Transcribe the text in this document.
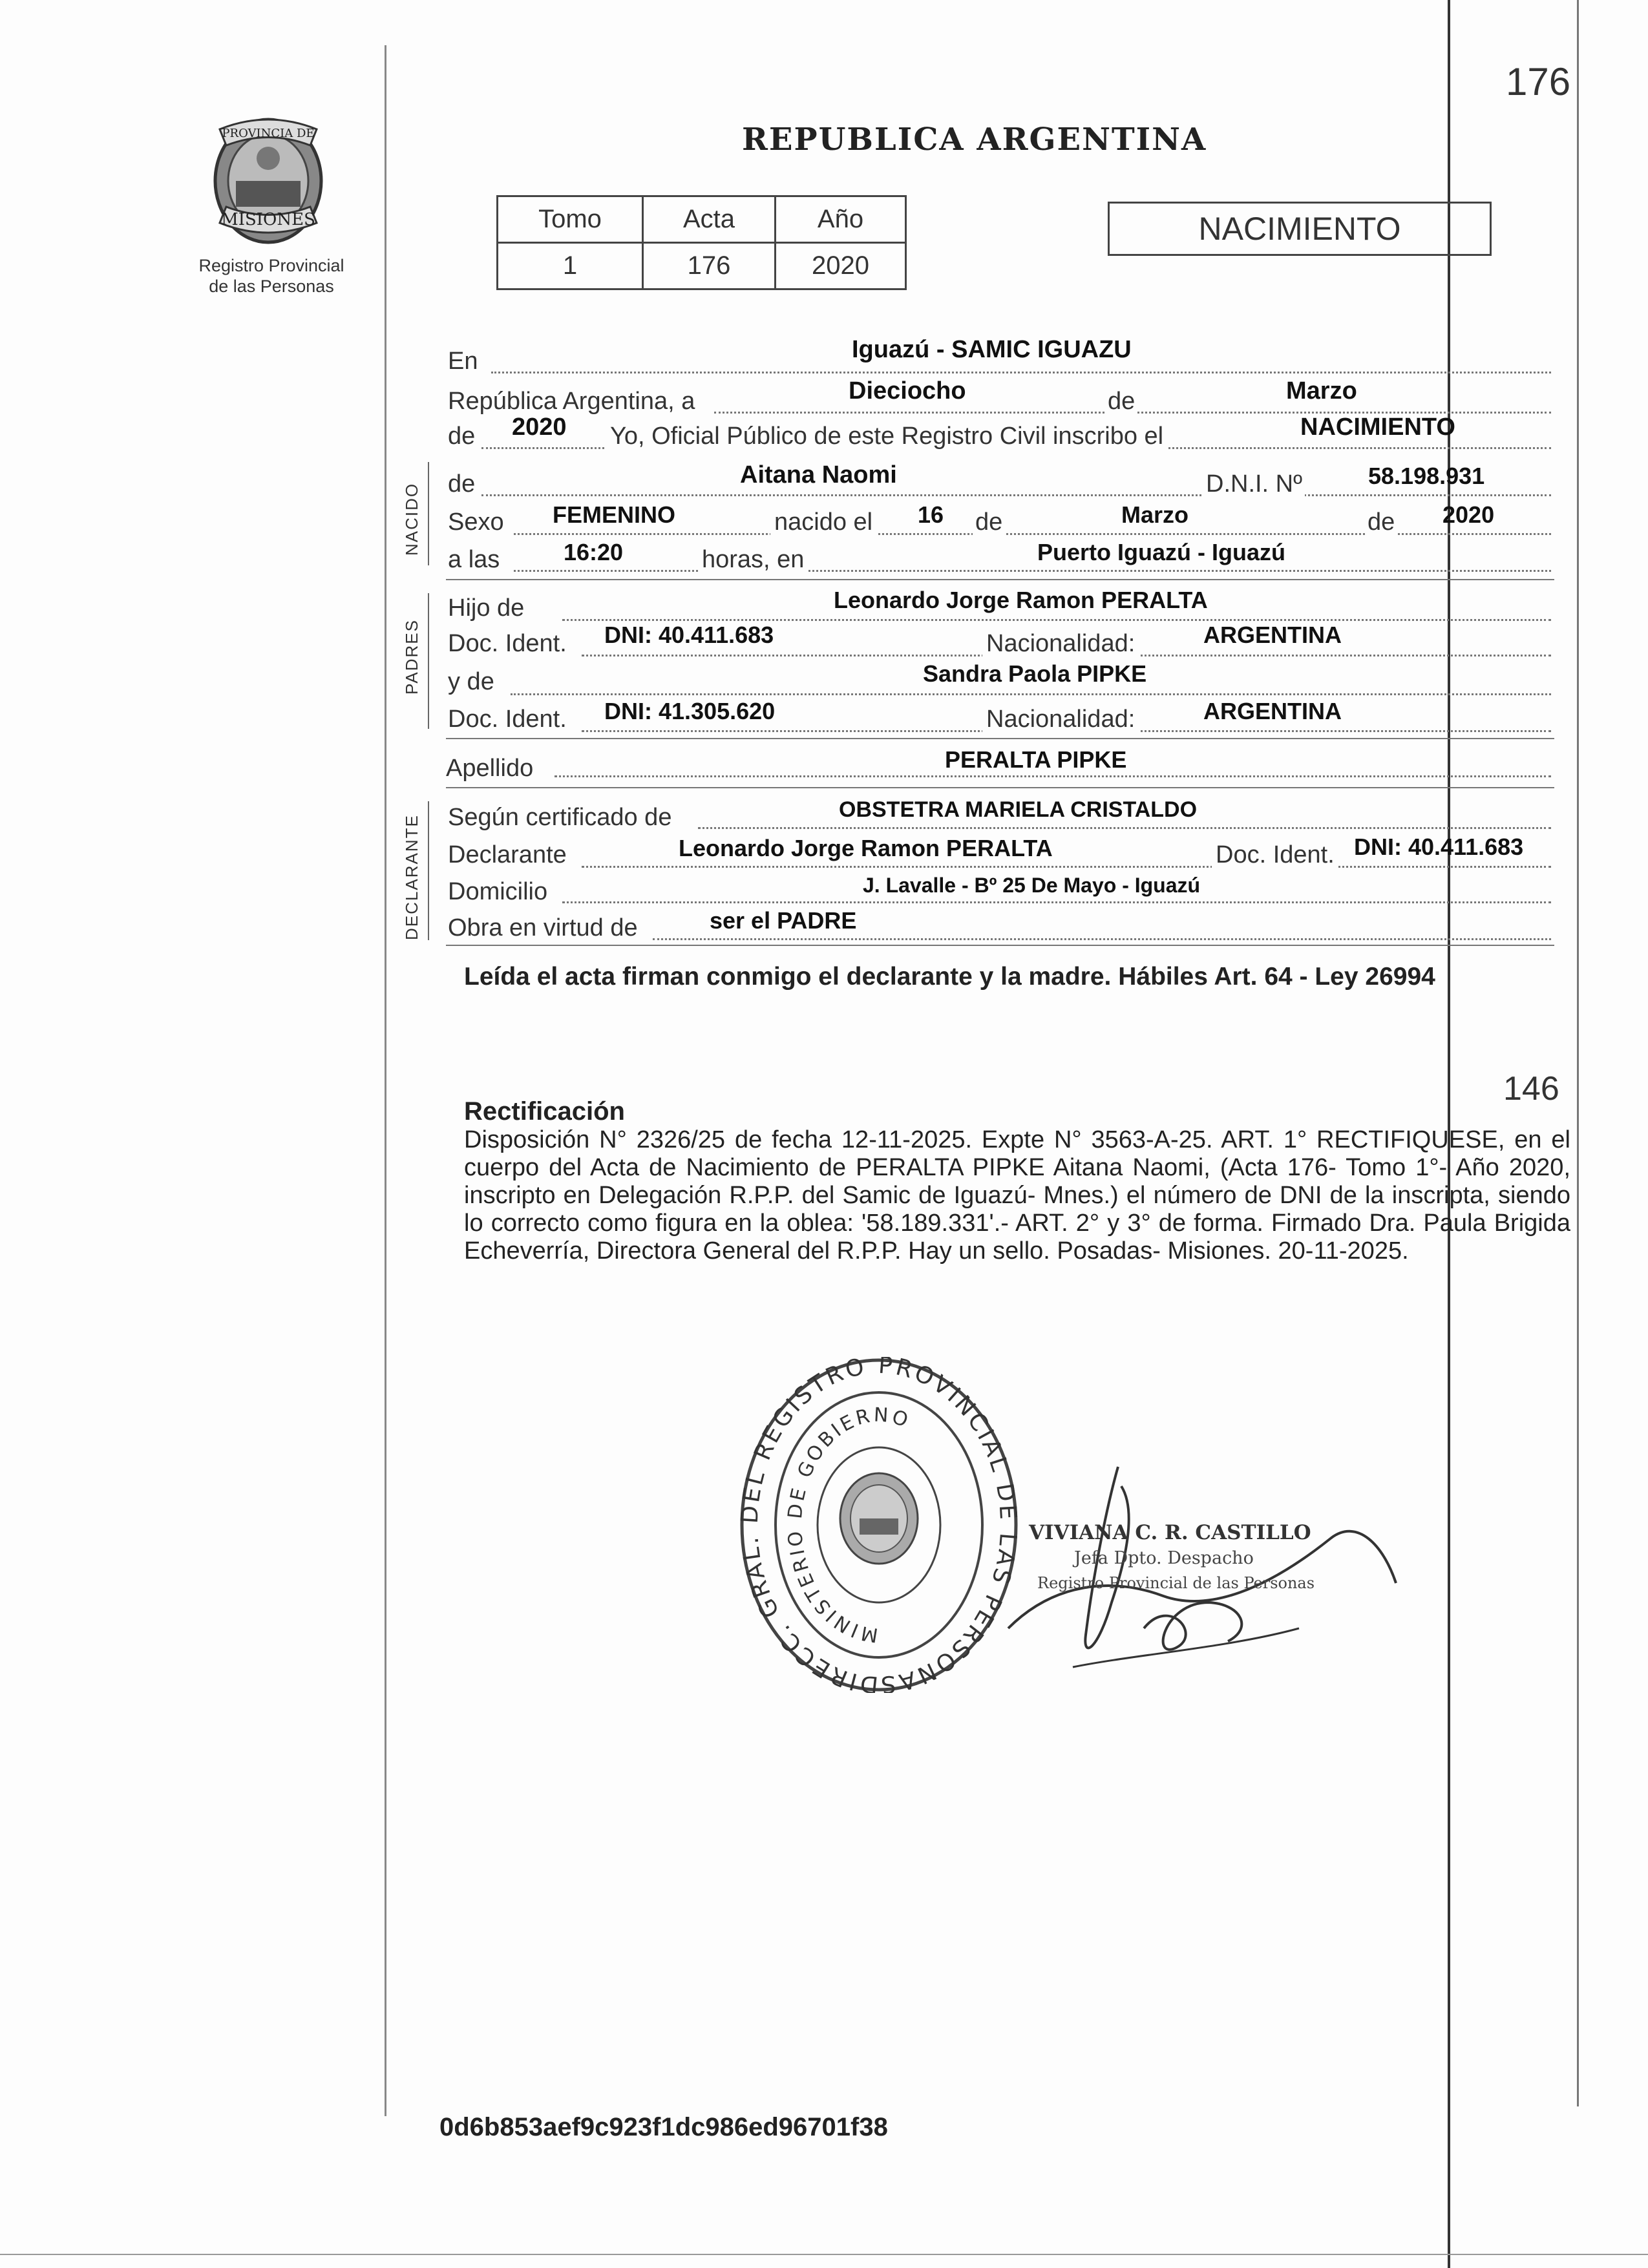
176
PROVINCIA DE
MISIONES
Registro Provincial
de las Personas
REPUBLICA ARGENTINA
Tomo	Acta	Año
1	176	2020
NACIMIENTO
En	Iguazú - SAMIC IGUAZU
República Argentina, a	Dieciocho	de	Marzo
de 2020 Yo, Oficial Público de este Registro Civil inscribo el	NACIMIENTO
NACIDO de	Aitana Naomi	D.N.I. Nº	58.198.931
Sexo FEMENINO	nacido el 16 de	Marzo	de 2020
a las	16:20	horas, en	Puerto Iguazú - Iguazú
PADRES
Hijo de	Leonardo Jorge Ramon PERALTA
Doc. Ident. DNI: 40.411.683	Nacionalidad:	ARGENTINA
y de	Sandra Paola PIPKE
Doc. Ident. DNI: 41.305.620	Nacionalidad:	ARGENTINA
Apellido	PERALTA PIPKE
DECLARANTE Según certificado de	OBSTETRA MARIELA CRISTALDO
Declarante	Leonardo Jorge Ramon PERALTA	Doc. Ident. DNI: 40.411.683
Domicilio	J. Lavalle - Bº 25 De Mayo - Iguazú
Obra en virtud de	ser el PADRE
Leída el acta firman conmigo el declarante y la madre. Hábiles Art. 64 - Ley 26994
146
Rectificación
Disposición N° 2326/25 de fecha 12-11-2025. Expte N° 3563-A-25. ART. 1° RECTIFIQUESE, en el cuerpo del Acta de Nacimiento de PERALTA PIPKE Aitana Naomi, (Acta 176- Tomo 1°- Año 2020, inscripto en Delegación R.P.P. del Samic de Iguazú- Mnes.) el número de DNI de la inscripta, siendo lo correcto como figura en la oblea: '58.189.331'.- ART. 2° y 3° de forma. Firmado Dra. Paula Brigida Echeverría, Directora General del R.P.P. Hay un sello. Posadas- Misiones. 20-11-2025.
DIRECC. GRAL. DEL REGISTRO PROVINCIAL DE LAS PERSONAS
MINISTERIO DE GOBIERNO
VIVIANA C. R. CASTILLO
Jefa Dpto. Despacho
Registro Provincial de las Personas
0d6b853aef9c923f1dc986ed96701f38
